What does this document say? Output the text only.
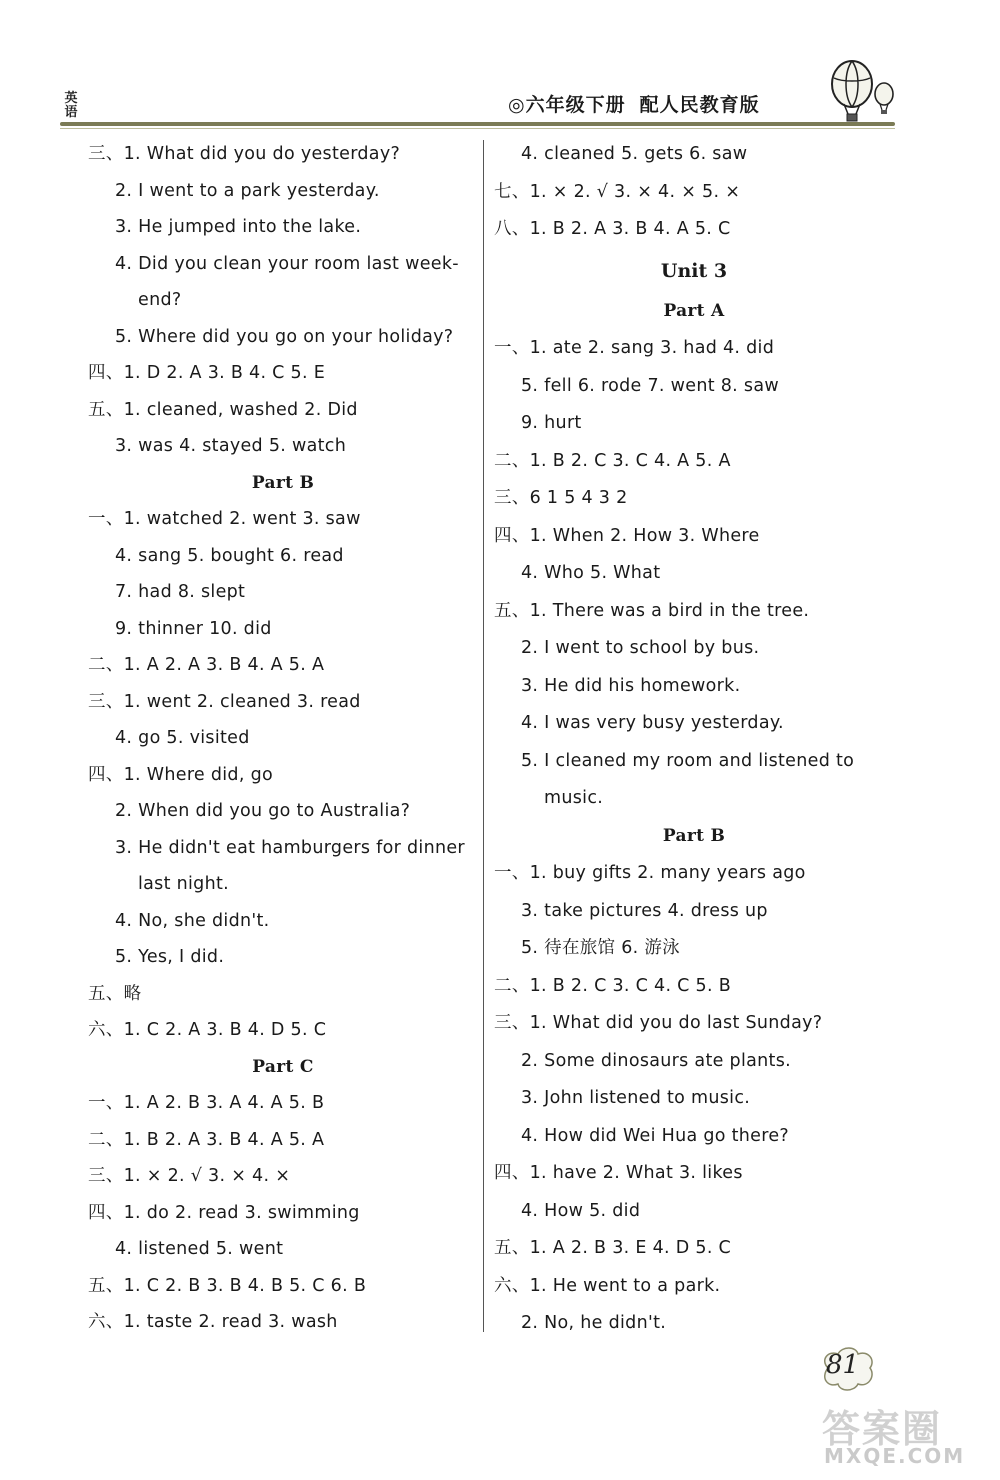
英语	◎六年级下册 配人民教育版
三、1. What did you do yesterday?
2. I went to a park yesterday.
3. He jumped into the lake.
4. Did you clean your room last week-
end?
5. Where did you go on your holiday?
四、1. D 2. A 3. B 4. C 5. E
五、1. cleaned, washed 2. Did
3. was 4. stayed 5. watch
Part B
一、1. watched 2. went 3. saw
4. sang 5. bought 6. read
7. had 8. slept
9. thinner 10. did
二、1. A 2. A 3. B 4. A 5. A
三、1. went 2. cleaned 3. read
4. go 5. visited
四、1. Where did, go
2. When did you go to Australia?
3. He didn't eat hamburgers for dinner
last night.
4. No, she didn't.
5. Yes, I did.
五、略
六、1. C 2. A 3. B 4. D 5. C
Part C
一、1. A 2. B 3. A 4. A 5. B
二、1. B 2. A 3. B 4. A 5. A
三、1. × 2. √ 3. × 4. ×
四、1. do 2. read 3. swimming
4. listened 5. went
五、1. C 2. B 3. B 4. B 5. C 6. B
六、1. taste 2. read 3. wash
4. cleaned 5. gets 6. saw
七、1. × 2. √ 3. × 4. × 5. ×
八、1. B 2. A 3. B 4. A 5. C
Unit 3
Part A
一、1. ate 2. sang 3. had 4. did
5. fell 6. rode 7. went 8. saw
9. hurt
二、1. B 2. C 3. C 4. A 5. A
三、6 1 5 4 3 2
四、1. When 2. How 3. Where
4. Who 5. What
五、1. There was a bird in the tree.
2. I went to school by bus.
3. He did his homework.
4. I was very busy yesterday.
5. I cleaned my room and listened to
music.
Part B
一、1. buy gifts 2. many years ago
3. take pictures 4. dress up
5. 待在旅馆 6. 游泳
二、1. B 2. C 3. C 4. C 5. B
三、1. What did you do last Sunday?
2. Some dinosaurs ate plants.
3. John listened to music.
4. How did Wei Hua go there?
四、1. have 2. What 3. likes
4. How 5. did
五、1. A 2. B 3. E 4. D 5. C
六、1. He went to a park.
2. No, he didn't.
81
答案圈
MXQE.COM
